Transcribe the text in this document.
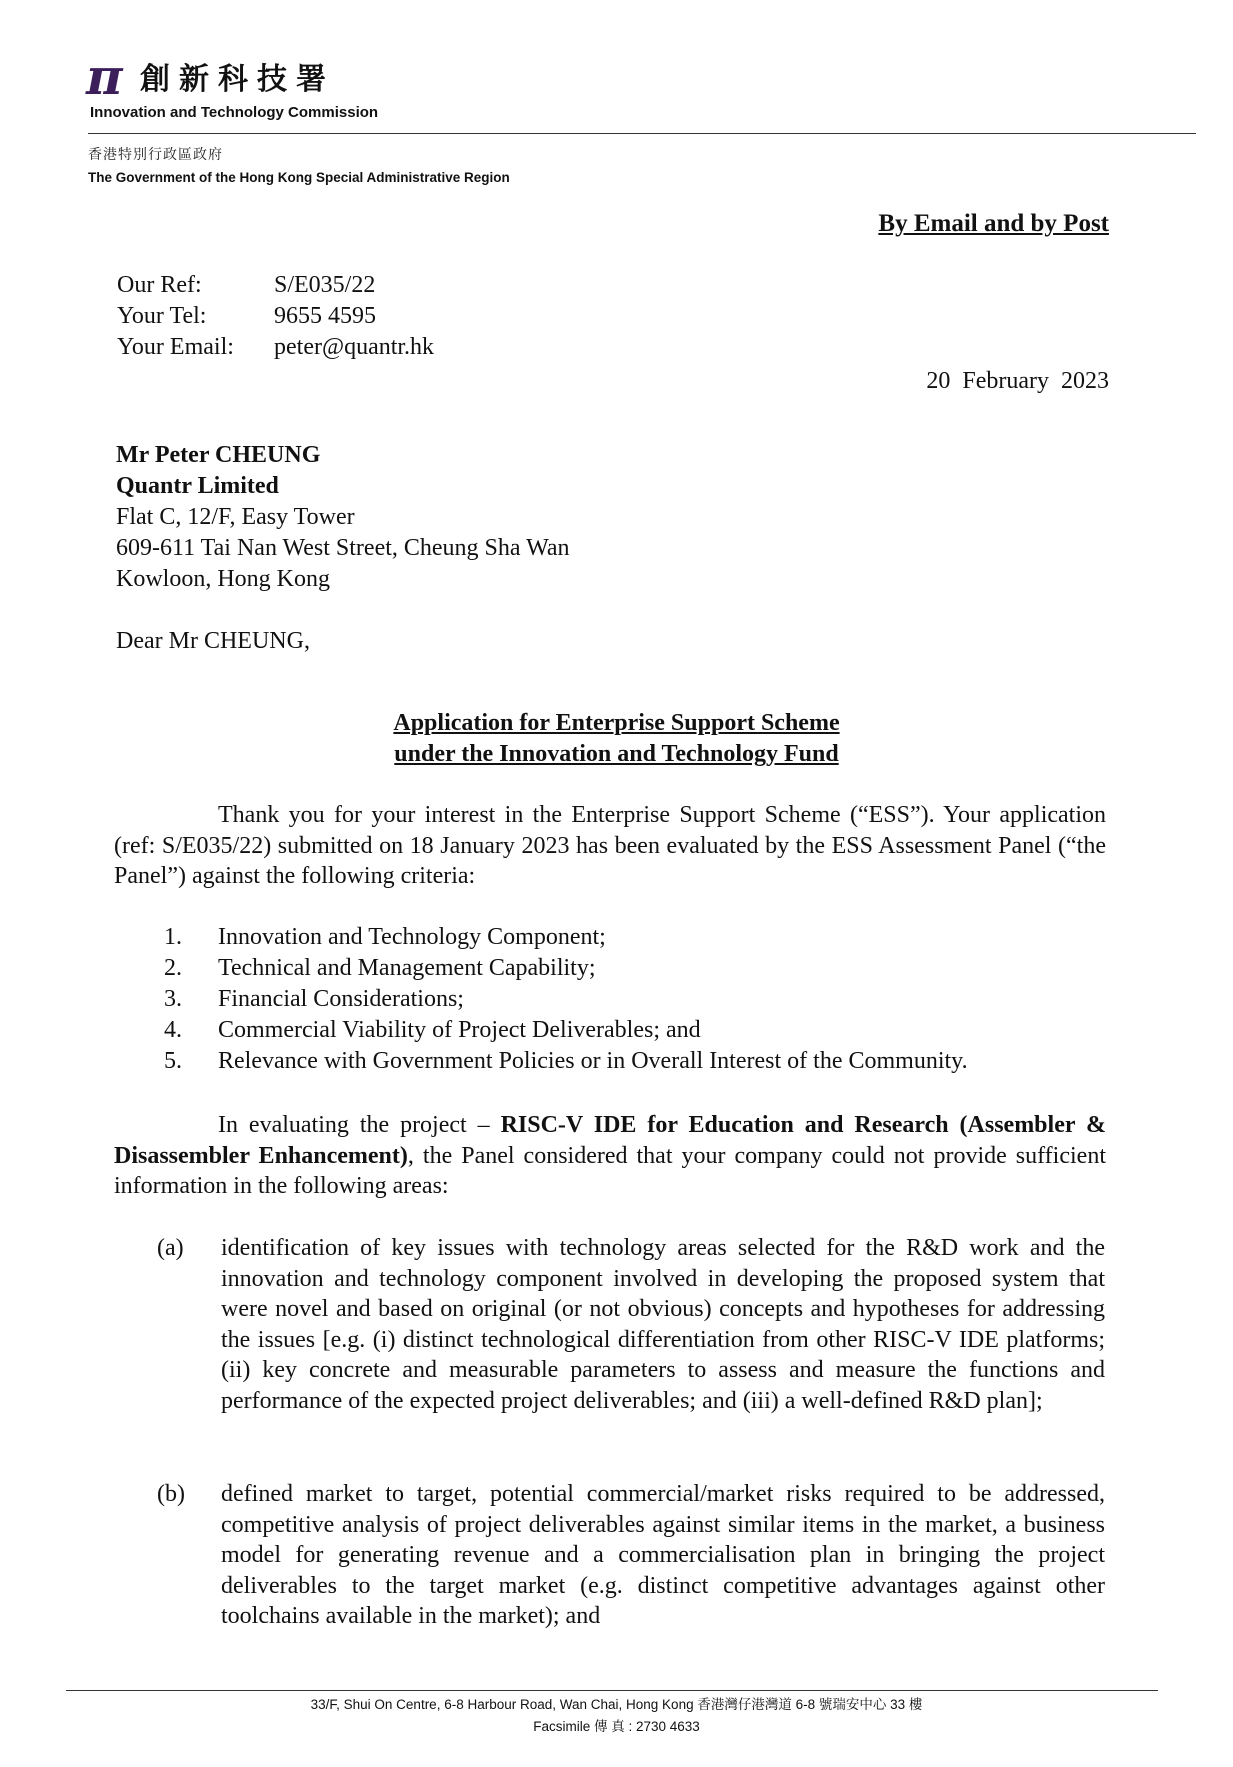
π 創新科技署
Innovation and Technology Commission
香港特別行政區政府
The Government of the Hong Kong Special Administrative Region
By Email and by Post
Our Ref:	S/E035/22
Your Tel:	9655 4595
Your Email:	peter@quantr.hk
20 February 2023
Mr Peter CHEUNG
Quantr Limited
Flat C, 12/F, Easy Tower
609-611 Tai Nan West Street, Cheung Sha Wan
Kowloon, Hong Kong
Dear Mr CHEUNG,
Application for Enterprise Support Scheme
under the Innovation and Technology Fund
Thank you for your interest in the Enterprise Support Scheme (“ESS”). Your application (ref: S/E035/22) submitted on 18 January 2023 has been evaluated by the ESS Assessment Panel (“the Panel”) against the following criteria:
1.	Innovation and Technology Component;
2.	Technical and Management Capability;
3.	Financial Considerations;
4.	Commercial Viability of Project Deliverables; and
5.	Relevance with Government Policies or in Overall Interest of the Community.
In evaluating the project – RISC-V IDE for Education and Research (Assembler & Disassembler Enhancement), the Panel considered that your company could not provide sufficient information in the following areas:
(a)	identification of key issues with technology areas selected for the R&D work and the innovation and technology component involved in developing the proposed system that were novel and based on original (or not obvious) concepts and hypotheses for addressing the issues [e.g. (i) distinct technological differentiation from other RISC-V IDE platforms; (ii) key concrete and measurable parameters to assess and measure the functions and performance of the expected project deliverables; and (iii) a well-defined R&D plan];
(b)	defined market to target, potential commercial/market risks required to be addressed, competitive analysis of project deliverables against similar items in the market, a business model for generating revenue and a commercialisation plan in bringing the project deliverables to the target market (e.g. distinct competitive advantages against other toolchains available in the market); and
33/F, Shui On Centre, 6-8 Harbour Road, Wan Chai, Hong Kong 香港灣仔港灣道 6-8 號瑞安中心 33 樓
Facsimile 傳 真 : 2730 4633
